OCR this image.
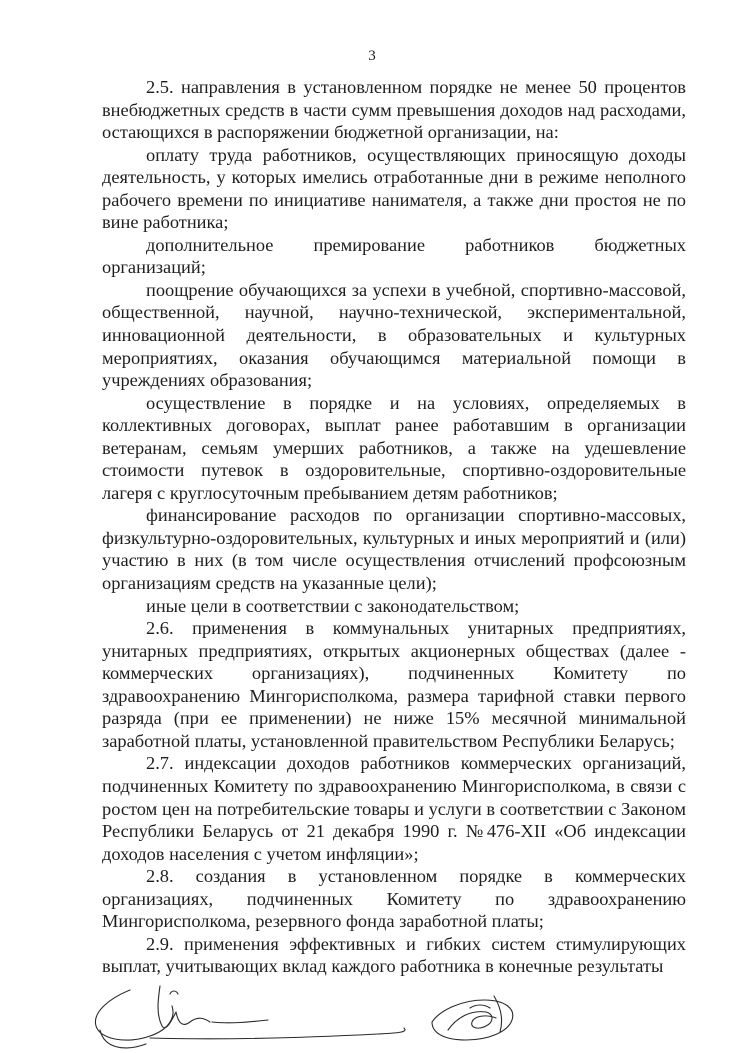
3

2.5. направления в установленном порядке не менее 50 процентов внебюджетных средств в части сумм превышения доходов над расходами, остающихся в распоряжении бюджетной организации, на:

оплату труда работников, осуществляющих приносящую доходы деятельность, у которых имелись отработанные дни в режиме неполного рабочего времени по инициативе нанимателя, а также дни простоя не по вине работника;

дополнительное премирование работников бюджетных организаций;

поощрение обучающихся за успехи в учебной, спортивно-массовой, общественной, научной, научно-технической, экспериментальной, инновационной деятельности, в образовательных и культурных мероприятиях, оказания обучающимся материальной помощи в учреждениях образования;

осуществление в порядке и на условиях, определяемых в коллективных договорах, выплат ранее работавшим в организации ветеранам, семьям умерших работников, а также на удешевление стоимости путевок в оздоровительные, спортивно-оздоровительные лагеря с круглосуточным пребыванием детям работников;

финансирование расходов по организации спортивно-массовых, физкультурно-оздоровительных, культурных и иных мероприятий и (или) участию в них (в том числе осуществления отчислений профсоюзным организациям средств на указанные цели);

иные цели в соответствии с законодательством;

2.6. применения в коммунальных унитарных предприятиях, унитарных предприятиях, открытых акционерных обществах (далее - коммерческих организациях), подчиненных Комитету по здравоохранению Мингорисполкома, размера тарифной ставки первого разряда (при ее применении) не ниже 15% месячной минимальной заработной платы, установленной правительством Республики Беларусь;

2.7. индексации доходов работников коммерческих организаций, подчиненных Комитету по здравоохранению Мингорисполкома, в связи с ростом цен на потребительские товары и услуги в соответствии с Законом Республики Беларусь от 21 декабря 1990 г. №476-XII «Об индексации доходов населения с учетом инфляции»;

2.8. создания в установленном порядке в коммерческих организациях, подчиненных Комитету по здравоохранению Мингорисполкома, резервного фонда заработной платы;

2.9. применения эффективных и гибких систем стимулирующих выплат, учитывающих вклад каждого работника в конечные результаты
